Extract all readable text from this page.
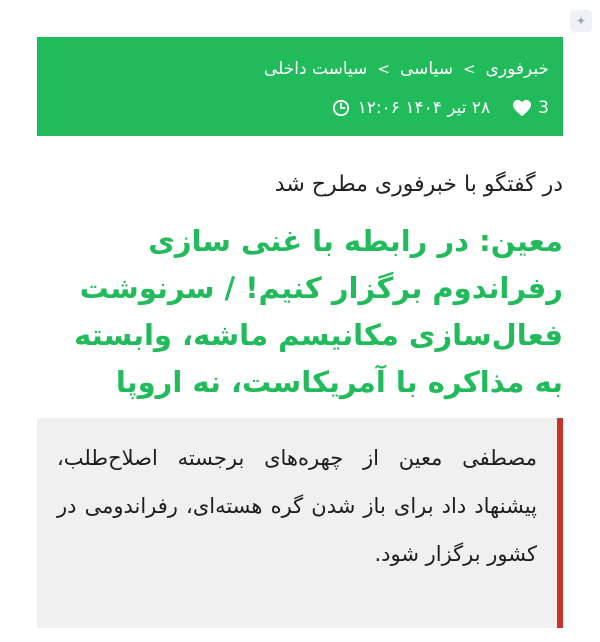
✦
خبرفوری
>
سیاسی
>
سیاست داخلی
3
۲۸ تیر ۱۴۰۴ ۱۲:۰۶
در گفتگو با خبرفوری مطرح شد
معین: در رابطه با غنی سازی رفراندوم برگزار کنیم! / سرنوشت فعال‌سازی مکانیسم ماشه، وابسته به مذاکره با آمریکاست، نه اروپا

مصطفی معین از چهره‌های برجسته اصلاح‌طلب، پیشنهاد داد برای باز شدن گره هسته‌ای، رفراندومی در کشور برگزار شود.
